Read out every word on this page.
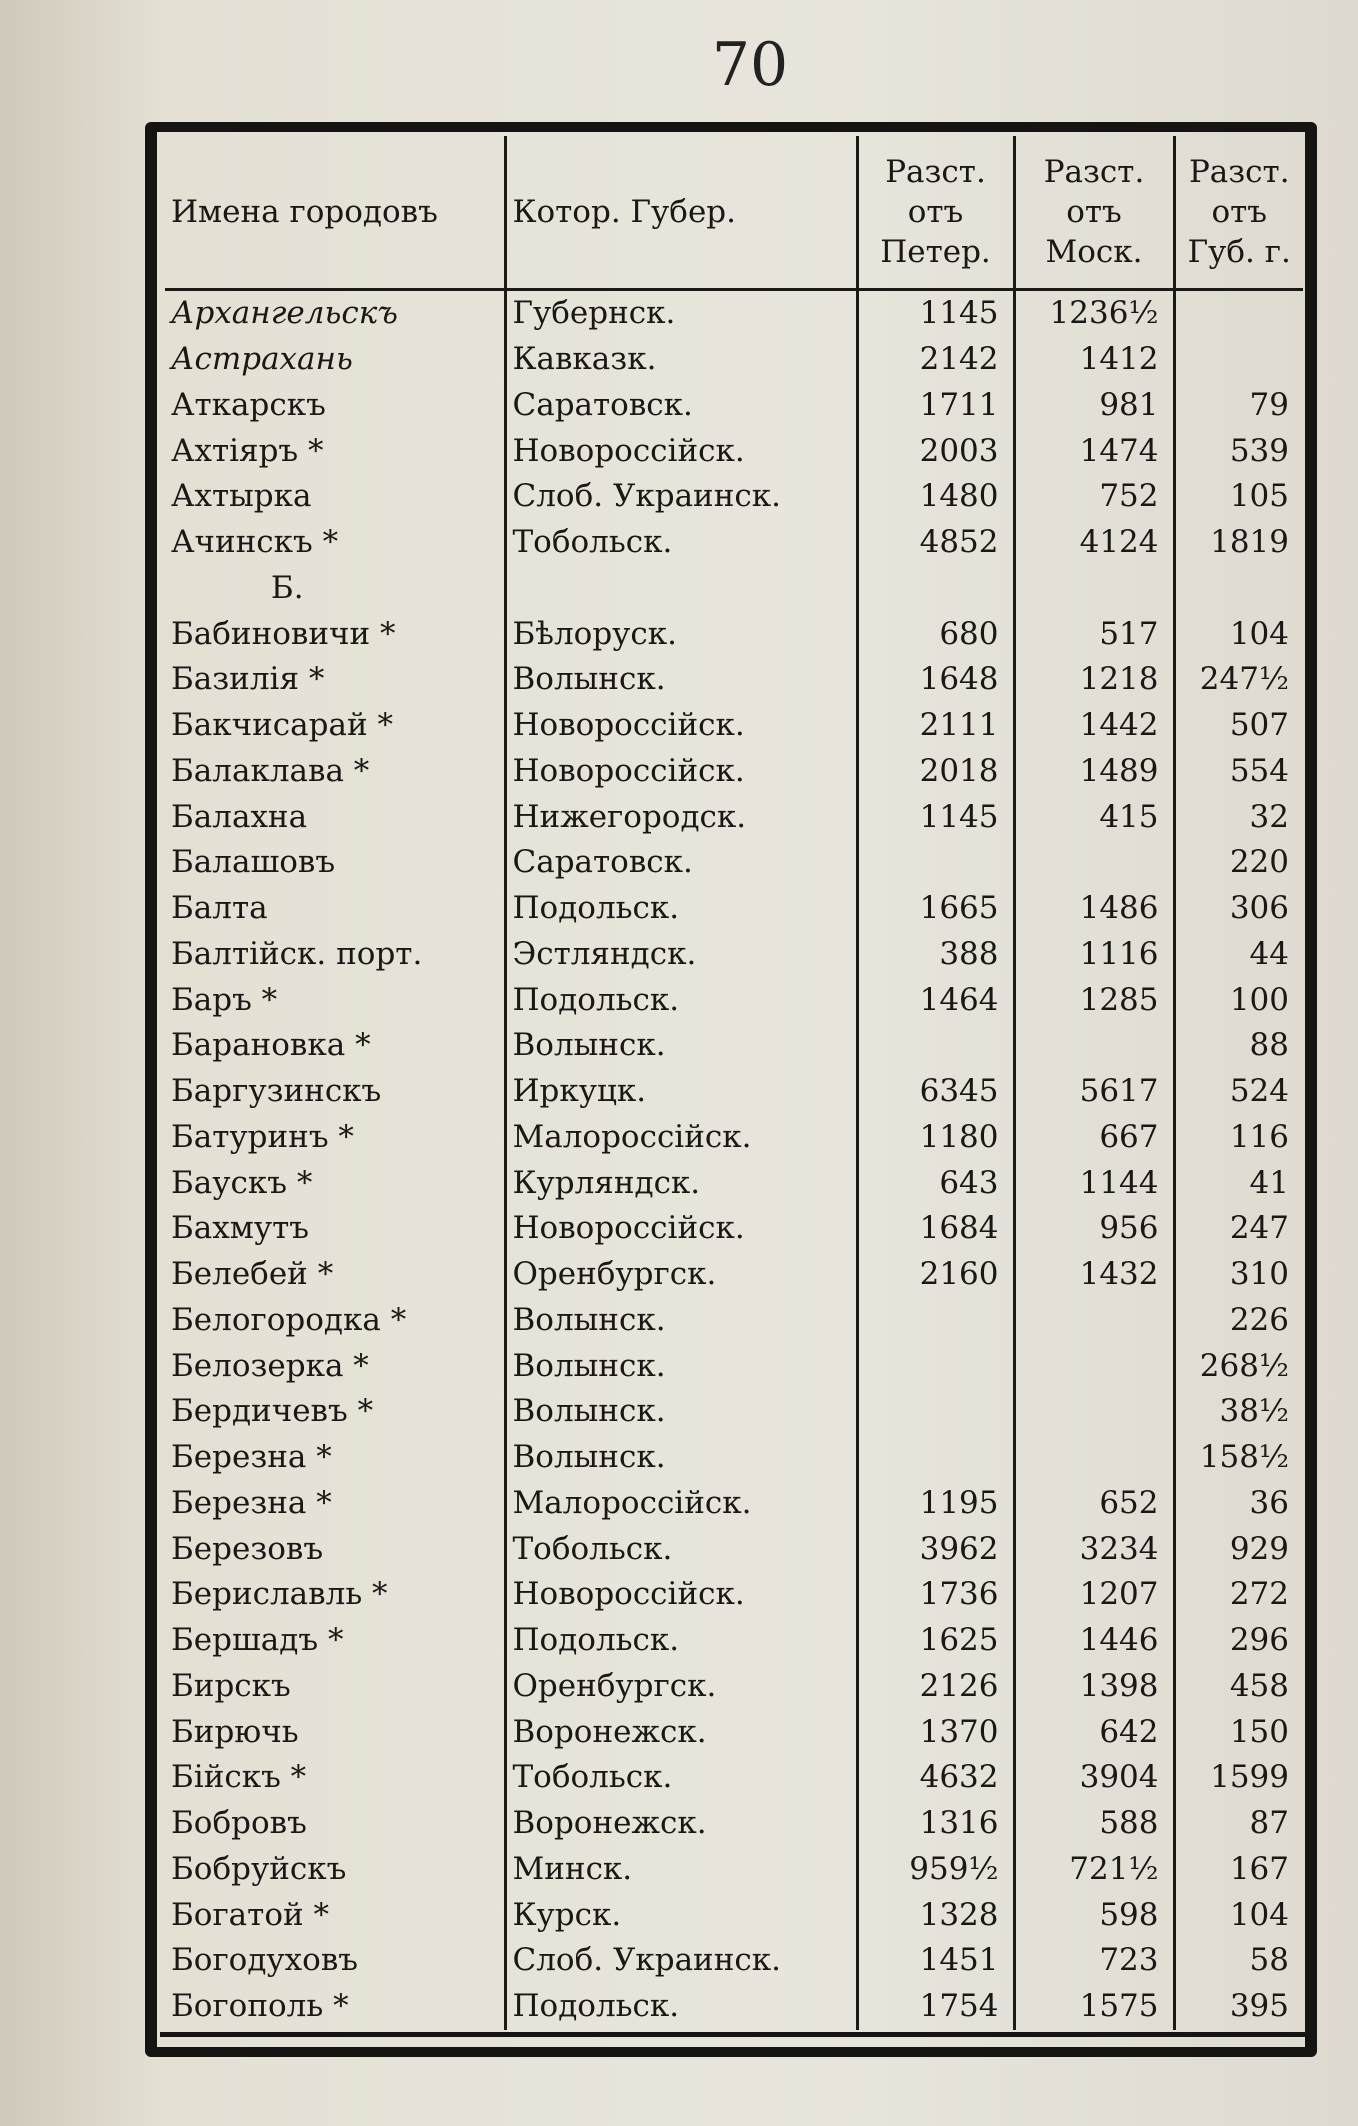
70
Имена городовъ	Котор. Губер.	Разст. отъ Петер.	Разст. отъ Моск.	Разст. отъ Губ. г.
Архангельскъ	Губернск.	1145	1236½	
Астрахань	Кавказк.	2142	1412	
Аткарскъ	Саратовск.	1711	981	79
Ахтiяръ *	Новороссiйск.	2003	1474	539
Ахтырка	Слоб. Украинск.	1480	752	105
Ачинскъ *	Тобольск.	4852	4124	1819
Б.				
Бабиновичи *	Бѣлоруск.	680	517	104
Базилiя *	Волынск.	1648	1218	247½
Бакчисарай *	Новороссiйск.	2111	1442	507
Балаклава *	Новороссiйск.	2018	1489	554
Балахна	Нижегородск.	1145	415	32
Балашовъ	Саратовск.			220
Балта	Подольск.	1665	1486	306
Балтiйск. порт.	Эстляндск.	388	1116	44
Баръ *	Подольск.	1464	1285	100
Барановка *	Волынск.			88
Баргузинскъ	Иркуцк.	6345	5617	524
Батуринъ *	Малороссiйск.	1180	667	116
Баускъ *	Курляндск.	643	1144	41
Бахмутъ	Новороссiйск.	1684	956	247
Белебей *	Оренбургск.	2160	1432	310
Белогородка *	Волынск.			226
Белозерка *	Волынск.			268½
Бердичевъ *	Волынск.			38½
Березна *	Волынск.			158½
Березна *	Малороссiйск.	1195	652	36
Березовъ	Тобольск.	3962	3234	929
Бериславль *	Новороссiйск.	1736	1207	272
Бершадъ *	Подольск.	1625	1446	296
Бирскъ	Оренбургск.	2126	1398	458
Бирючь	Воронежск.	1370	642	150
Бiйскъ *	Тобольск.	4632	3904	1599
Бобровъ	Воронежск.	1316	588	87
Бобруйскъ	Минск.	959½	721½	167
Богатой *	Курск.	1328	598	104
Богодуховъ	Слоб. Украинск.	1451	723	58
Богополь *	Подольск.	1754	1575	395
